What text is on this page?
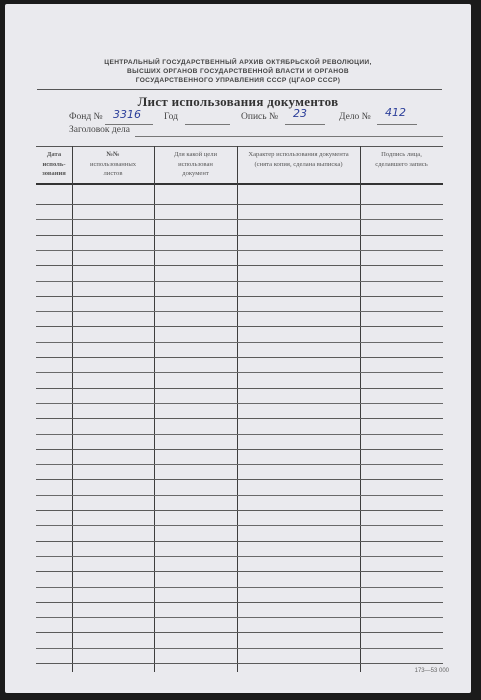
ЦЕНТРАЛЬНЫЙ ГОСУДАРСТВЕННЫЙ АРХИВ ОКТЯБРЬСКОЙ РЕВОЛЮЦИИ,
ВЫСШИХ ОРГАНОВ ГОСУДАРСТВЕННОЙ ВЛАСТИ И ОРГАНОВ
ГОСУДАРСТВЕННОГО УПРАВЛЕНИЯ СССР (ЦГАОР СССР)
Лист использования документов
Фонд № 3316 Год	Опись № 23	Дело № 412
Заголовок дела
Дата
исполь-
зования
№№
использованных
листов
Для какой цели
использован
документ
Характер использования документа
(снята копия, сделана выписка)
Подпись лица,
сделавшего запись
173—53 000
